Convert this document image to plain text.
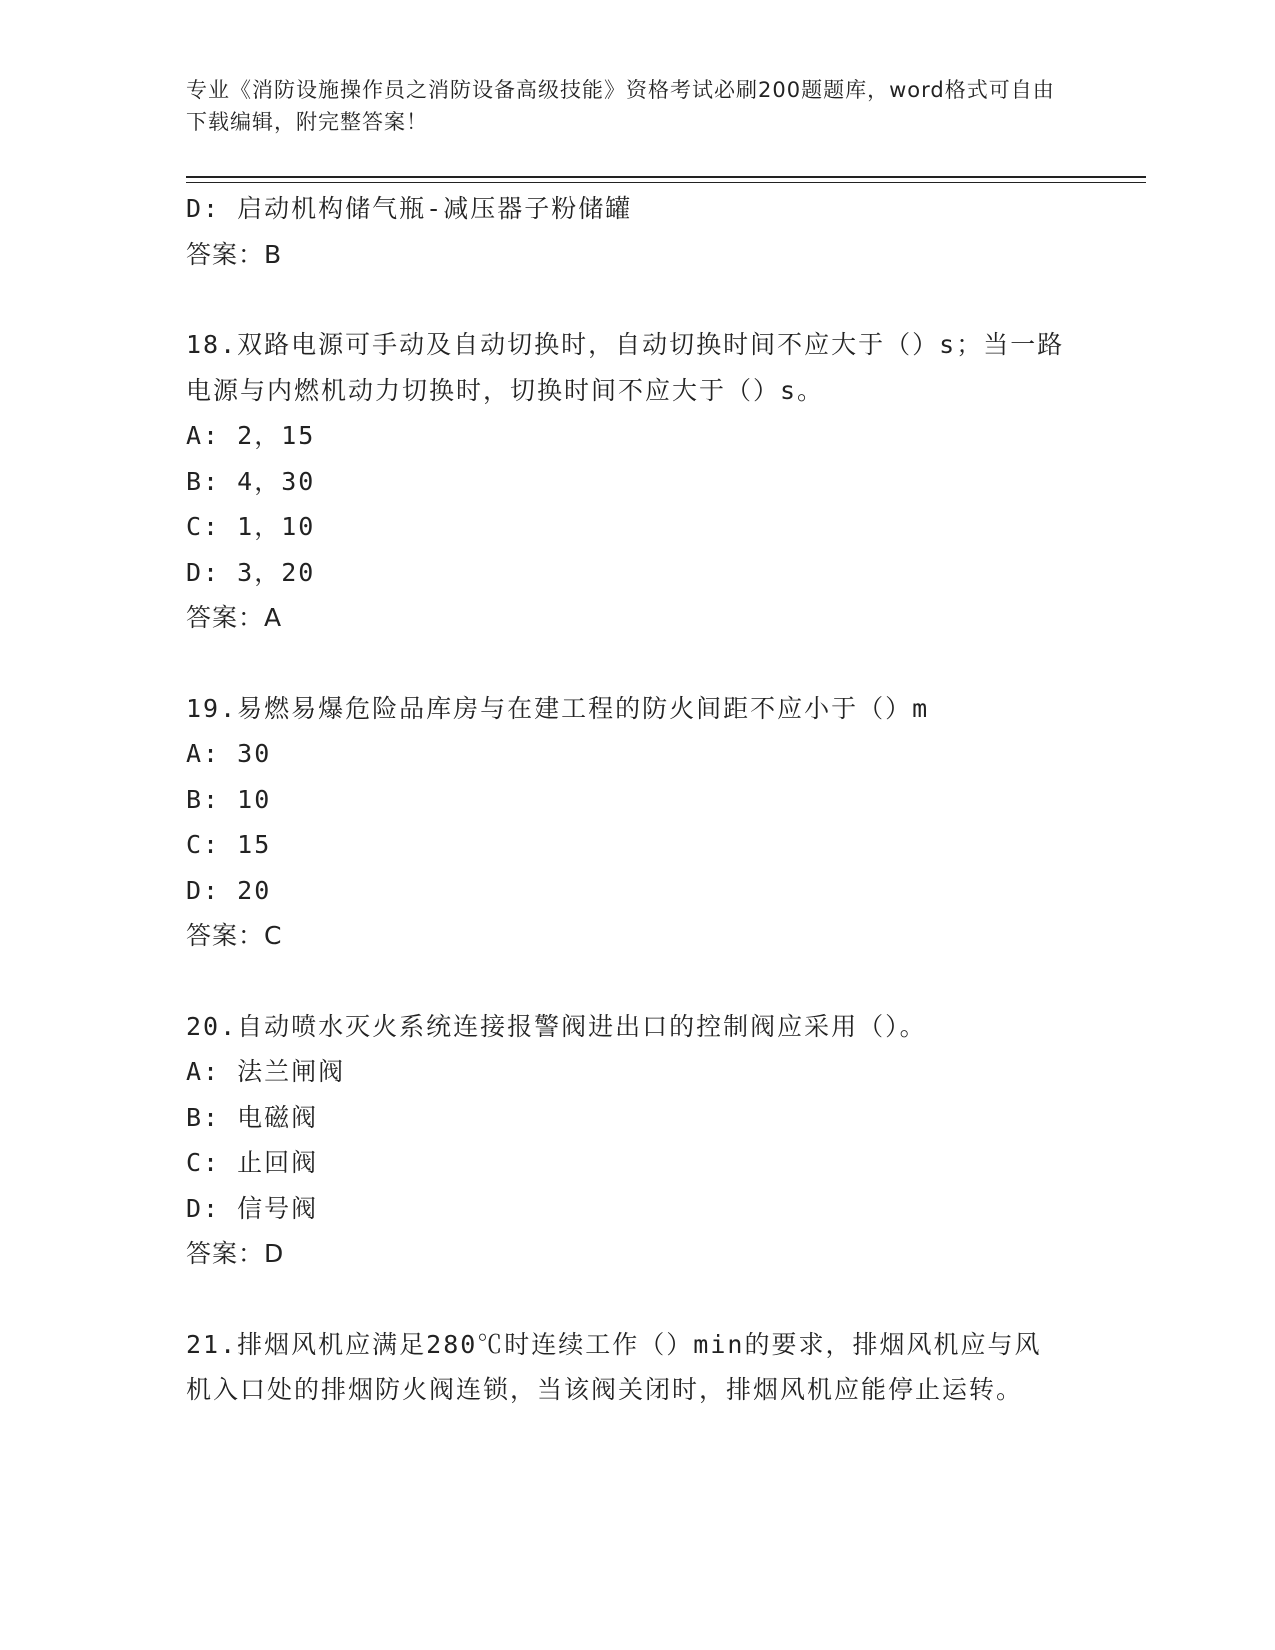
专业《消防设施操作员之消防设备高级技能》资格考试必刷200题题库，word格式可自由下载编辑，附完整答案！
D: 启动机构储气瓶-减压器子粉储罐
答案：B
18.双路电源可手动及自动切换时，自动切换时间不应大于（）s；当一路电源与内燃机动力切换时，切换时间不应大于（）s。
A: 2，15
B: 4，30
C: 1，10
D: 3，20
答案：A
19.易燃易爆危险品库房与在建工程的防火间距不应小于（）m
A: 30
B: 10
C: 15
D: 20
答案：C
20.自动喷水灭火系统连接报警阀进出口的控制阀应采用（）。
A: 法兰闸阀
B: 电磁阀
C: 止回阀
D: 信号阀
答案：D
21.排烟风机应满足280℃时连续工作（）min的要求，排烟风机应与风机入口处的排烟防火阀连锁，当该阀关闭时，排烟风机应能停止运转。
